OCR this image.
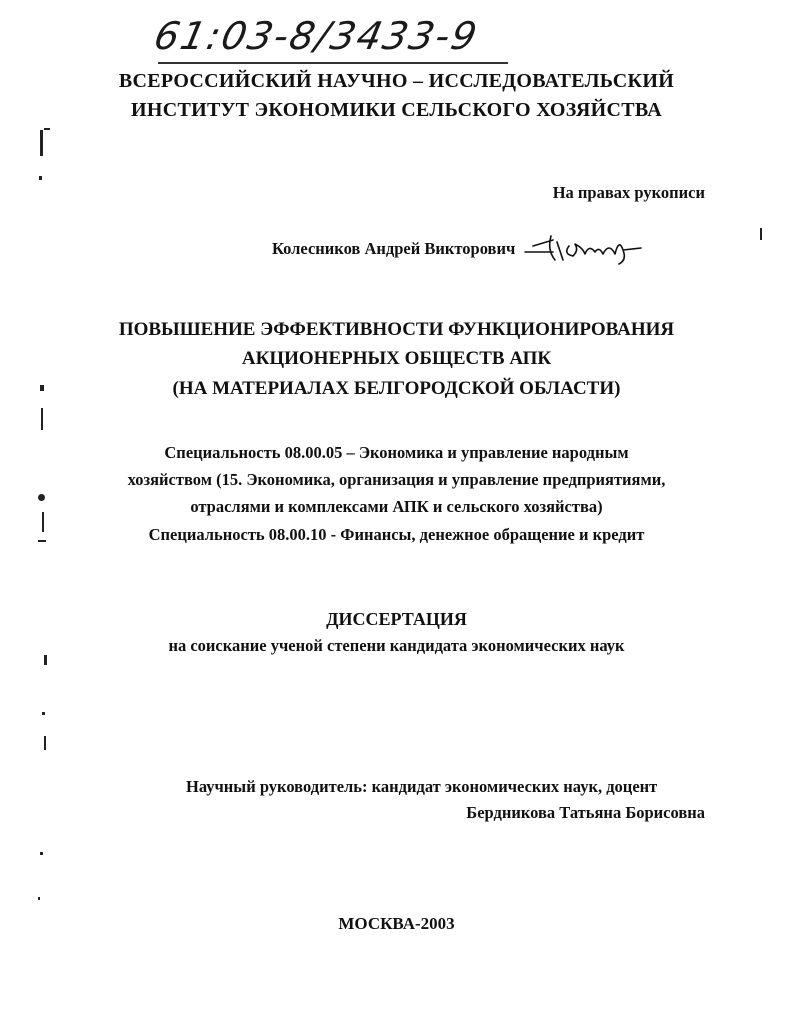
61:03-8/3433-9
ВСЕРОССИЙСКИЙ НАУЧНО – ИССЛЕДОВАТЕЛЬСКИЙ
ИНСТИТУТ ЭКОНОМИКИ СЕЛЬСКОГО ХОЗЯЙСТВА
На правах рукописи
Колесников Андрей Викторович
ПОВЫШЕНИЕ ЭФФЕКТИВНОСТИ ФУНКЦИОНИРОВАНИЯ
АКЦИОНЕРНЫХ ОБЩЕСТВ АПК
(НА МАТЕРИАЛАХ БЕЛГОРОДСКОЙ ОБЛАСТИ)
Специальность 08.00.05 – Экономика и управление народным
хозяйством (15. Экономика, организация и управление предприятиями,
отраслями и комплексами АПК и сельского хозяйства)
Специальность 08.00.10 - Финансы, денежное обращение и кредит
ДИССЕРТАЦИЯ
на соискание ученой степени кандидата экономических наук
Научный руководитель: кандидат экономических наук, доцент
Бердникова Татьяна Борисовна
МОСКВА-2003
